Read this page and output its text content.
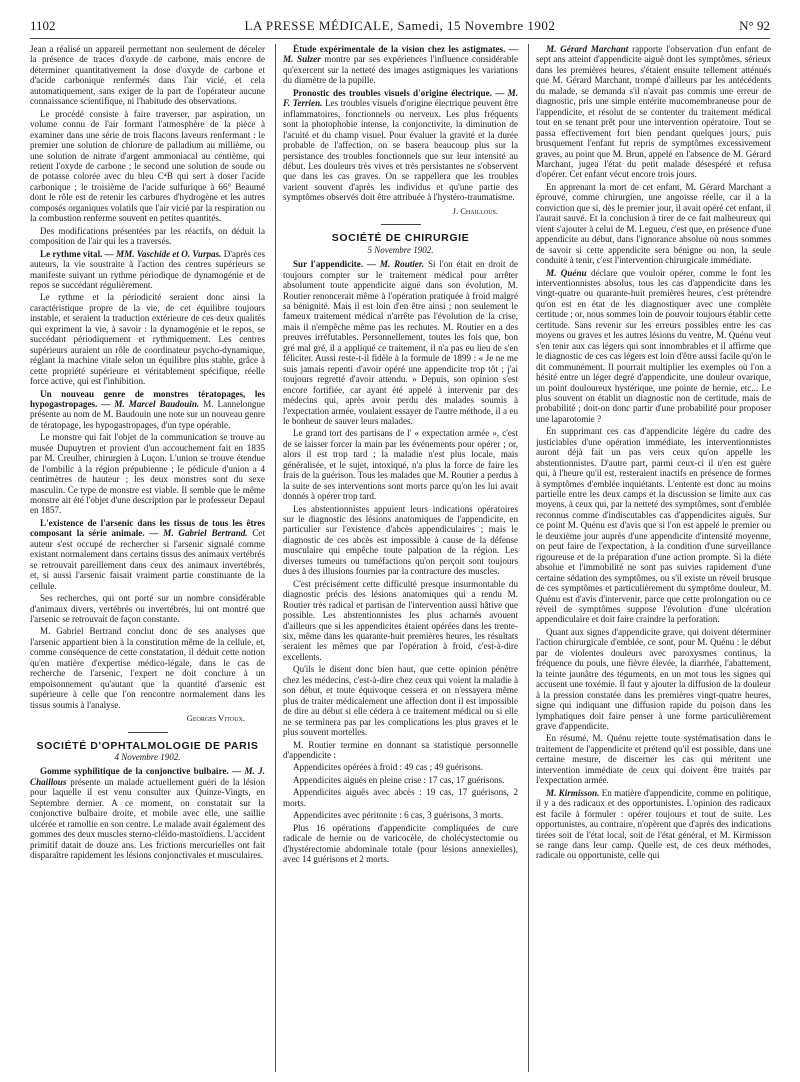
1102	LA PRESSE MÉDICALE, Samedi, 15 Novembre 1902	N° 92

Jean a réalisé un appareil permettant non seulement de déceler la présence de traces d'oxyde de carbone, mais encore de déterminer quantitativement la dose d'oxyde de carbone et d'acide carbonique renfermés dans l'air vicié, et cela automatiquement, sans exiger de la part de l'opérateur aucune connaissance scientifique, ni l'habitude des observations.

Le procédé consiste à faire traverser, par aspiration, un volume connu de l'air formant l'atmosphère de la pièce à examiner dans une série de trois flacons laveurs renfermant : le premier une solution de chlorure de palladium au millième, ou une solution de nitrate d'argent ammoniacal au centième, qui retient l'oxyde de carbone ; le second une solution de soude ou de potasse colorée avec du bleu C⁴B qui sert à doser l'acide carbonique ; le troisième de l'acide sulfurique à 66° Beaumé dont le rôle est de retenir les carbures d'hydrogène et les autres composés organiques volatils que l'air vicié par la respiration ou la combustion renferme souvent en petites quantités.

Des modifications présentées par les réactifs, on déduit la composition de l'air qui les a traversés.

Le rythme vital. — MM. Vaschide et O. Vurpas. D'après ces auteurs, la vie soustraite à l'action des centres supérieurs se manifeste suivant un rythme périodique de dynamogénie et de repos se succédant régulièrement.

Le rythme et la périodicité seraient donc ainsi la caractéristique propre de la vie, de cet équilibre toujours instable, et seraient la traduction extérieure de ces deux qualités qui expriment la vie, à savoir : la dynamogénie et le repos, se succédant périodiquement et rythmiquement. Les centres supérieurs auraient un rôle de coordinateur psycho-dynamique, réglant la machine vitale selon un équilibre plus stable, grâce à cette propriété supérieure et véritablement spécifique, réelle force active, qui est l'inhibition.

Un nouveau genre de monstres tératopages, les hypogastropages. — M. Marcel Baudouin. M. Lannelongue présente au nom de M. Baudouin une note sur un nouveau genre de tératopage, les hypogastropages, d'un type opérable.

Le monstre qui fait l'objet de la communication se trouve au musée Dupuytren et provient d'un accouchement fait en 1835 par M. Creulher, chirurgien à Luçon. L'union se trouve étendue de l'ombilic à la région prépubienne ; le pédicule d'union a 4 centimètres de hauteur ; les deux monstres sont du sexe masculin. Ce type de monstre est viable. Il semble que le même monstre ait été l'objet d'une description par le professeur Depaul en 1857.

L'existence de l'arsenic dans les tissus de tous les êtres composant la série animale. — M. Gabriel Bertrand. Cet auteur s'est occupé de rechercher si l'arsenic signalé comme existant normalement dans certains tissus des animaux vertébrés se retrouvait pareillement dans ceux des animaux invertébrés, et, si aussi l'arsenic faisait vraiment partie constituante de la cellule.

Ses recherches, qui ont porté sur un nombre considérable d'animaux divers, vertébrés ou invertébrés, lui ont montré que l'arsenic se retrouvait de façon constante.

M. Gabriel Bertrand conclut donc de ses analyses que l'arsenic appartient bien à la constitution même de la cellule, et, comme conséquence de cette constatation, il déduit cette notion qu'en matière d'expertise médico-légale, dans le cas de recherche de l'arsenic, l'expert ne doit conclure à un empoisonnement qu'autant que la quantité d'arsenic est supérieure à celle que l'on rencontre normalement dans les tissus soumis à l'analyse.

Georges Vitoux.
SOCIÉTÉ D'OPHTALMOLOGIE DE PARIS
4 Novembre 1902.

Gomme syphilitique de la conjonctive bulbaire. — M. J. Chaillous présente un malade actuellement guéri de la lésion pour laquelle il est venu consulter aux Quinze-Vingts, en Septembre dernier. A ce moment, on constatait sur la conjonctive bulbaire droite, et mobile avec elle, une saillie ulcérée et ramollie en son centre. Le malade avait également des gommes des deux muscles sterno-cléïdo-mastoïdiens. L'accident primitif datait de douze ans. Les frictions mercurielles ont fait disparaître rapidement les lésions conjonctivales et musculaires.

Étude expérimentale de la vision chez les astigmates. — M. Sulzer montre par ses expériences l'influence considérable qu'exercent sur la netteté des images astigmiques les variations du diamètre de la pupille.

Pronostic des troubles visuels d'origine électrique. — M. F. Terrien. Les troubles visuels d'origine électrique peuvent être inflammatoires, fonctionnels ou nerveux. Les plus fréquents sont la photophobie intense, la conjonctivite, la diminution de l'acuité et du champ visuel. Pour évaluer la gravité et la durée probable de l'affection, on se basera beaucoup plus sur la persistance des troubles fonctionnels que sur leur intensité au début. Les douleurs très vives et très persistantes ne s'observent que dans les cas graves. On se rappellera que les troubles varient souvent d'après les individus et qu'une partie des symptômes observés doit être attribuée à l'hystéro-traumatisme.

J. Chaillous.
SOCIÉTÉ DE CHIRURGIE
5 Novembre 1902.

Sur l'appendicite. — M. Routier. Si l'on était en droit de toujours compter sur le traitement médical pour arrêter absolument toute appendicite aiguë dans son évolution, M. Routier renoncerait même à l'opération pratiquée à froid malgré sa bénignité. Mais il est loin d'en être ainsi ; non seulement le fameux traitement médical n'arrête pas l'évolution de la crise, mais il n'empêche même pas les rechutes. M. Routier en a des preuves irréfutables. Personnellement, toutes les fois que, bon gré mal gré, il a appliqué ce traitement, il n'a pas eu lieu de s'en féliciter. Aussi reste-t-il fidèle à la formule de 1899 : « Je ne me suis jamais repenti d'avoir opéré une appendicite trop tôt ; j'ai toujours regretté d'avoir attendu. » Depuis, son opinion s'est encore fortifiée, car ayant été appelé à intervenir par des médecins qui, après avoir perdu des malades soumis à l'expectation armée, voulaient essayer de l'autre méthode, il a eu le bonheur de sauver leurs malades.

Le grand tort des partisans de l' « expectation armée », c'est de se laisser forcer la main par les événements pour opérer ; or, alors il est trop tard ; la maladie n'est plus locale, mais généralisée, et le sujet, intoxiqué, n'a plus la force de faire les frais de la guérison. Tous les malades que M. Routier a perdus à la suite de ses interventions sont morts parce qu'on les lui avait donnés à opérer trop tard.

Les abstentionnistes appuient leurs indications opératoires sur le diagnostic des lésions anatomiques de l'appendicite, en particulier sur l'existence d'abcès appendiculaires ; mais le diagnostic de ces abcès est impossible à cause de la défense musculaire qui empêche toute palpation de la région. Les diverses tumeurs ou tuméfactions qu'on perçoit sont toujours dues à des illusions fournies par la contracture des muscles.

C'est précisément cette difficulté presque insurmontable du diagnostic précis des lésions anatomiques qui a rendu M. Routier très radical et partisan de l'intervention aussi hâtive que possible. Les abstentionnistes les plus acharnés avouent d'ailleurs que si les appendicites étaient opérées dans les trente-six, même dans les quarante-huit premières heures, les résultats seraient les mêmes que par l'opération à froid, c'est-à-dire excellents.

Qu'ils le disent donc bien haut, que cette opinion pénètre chez les médecins, c'est-à-dire chez ceux qui voient la maladie à son début, et toute équivoque cessera et on n'essayera même plus de traiter médicalement une affection dont il est impossible de dire au début si elle cédera à ce traitement médical ou si elle ne se terminera pas par les complications les plus graves et le plus souvent mortelles.

M. Routier termine en donnant sa statistique personnelle d'appendicite :

Appendicites opérées à froid : 49 cas ; 49 guérisons.

Appendicites aiguës en pleine crise : 17 cas, 17 guérisons.

Appendicites aiguës avec abcès : 19 cas, 17 guérisons, 2 morts.

Appendicites avec péritonite : 6 cas, 3 guérisons, 3 morts.

Plus 16 opérations d'appendicite compliquées de cure radicale de hernie ou de varicocèle, de cholécystectomie ou d'hystérectomie abdominale totale (pour lésions annexielles), avec 14 guérisons et 2 morts.

M. Gérard Marchant rapporte l'observation d'un enfant de sept ans atteint d'appendicite aiguë dont les symptômes, sérieux dans les premières heures, s'étaient ensuite tellement atténués que M. Gérard Marchant, trompé d'ailleurs par les antécédents du malade, se demanda s'il n'avait pas commis une erreur de diagnostic, pris une simple entérite mucomembraneuse pour de l'appendicite, et résolut de se contenter du traitement médical tout en se tenant prêt pour une intervention opératoire. Tout se passa effectivement fort bien pendant quelques jours, puis brusquement l'enfant fut repris de symptômes excessivement graves, au point que M. Brun, appelé en l'absence de M. Gérard Marchant, jugea l'état du petit malade désespéré et refusa d'opérer. Cet enfant vécut encore trois jours.

En apprenant la mort de cet enfant, M. Gérard Marchant a éprouvé, comme chirurgien, une angoisse réelle, car il a la conviction que si, dès le premier jour, il avait opéré cet enfant, il l'aurait sauvé. Et la conclusion à tirer de ce fait malheureux qui vient s'ajouter à celui de M. Legueu, c'est que, en présence d'une appendicite au début, dans l'ignorance absolue où nous sommes de savoir si cette appendicite sera bénigne ou non, la seule conduite à tenir, c'est l'intervention chirurgicale immédiate.

M. Quénu déclare que vouloir opérer, comme le font les interventionnistes absolus, tous les cas d'appendicite dans les vingt-quatre ou quarante-huit premières heures, c'est prétendre qu'on est en état de les diagnostiquer avec une complète certitude ; or, nous sommes loin de pouvoir toujours établir cette certitude. Sans revenir sur les erreurs possibles entre les cas moyens ou graves et les autres lésions du ventre, M. Quénu veut s'en tenir aux cas légers qui sont innombrables et il affirme que le diagnostic de ces cas légers est loin d'être aussi facile qu'on le dit communément. Il pourrait multiplier les exemples où l'on a hésité entre un léger degré d'appendicite, une douleur ovarique, un point douloureux hystérique, une pointe de hernie, etc... Le plus souvent on établit un diagnostic non de certitude, mais de probabilité ; doit-on donc partir d'une probabilité pour proposer une laparotomie ?

En supprimant ces cas d'appendicite légère du cadre des justiciables d'une opération immédiate, les interventionnistes auront déjà fait un pas vers ceux qu'on appelle les abstentionnistes. D'autre part, parmi ceux-ci il n'en est guère qui, à l'heure qu'il est, resteraient inactifs en présence de formes à symptômes d'emblée inquiétants. L'entente est donc au moins partielle entre les deux camps et la discussion se limite aux cas moyens, à ceux qui, par la netteté des symptômes, sont d'emblée reconnus comme d'indiscutables cas d'appendicites aiguës. Sur ce point M. Quénu est d'avis que si l'on est appelé le premier ou le deuxième jour auprès d'une appendicite d'intensité moyenne, on peut faire de l'expectation, à la condition d'une surveillance rigoureuse et de la préparation d'une action prompte. Si la diète absolue et l'immobilité ne sont pas suivies rapidement d'une certaine sédation des symptômes, ou s'il existe un réveil brusque de ces symptômes et particulièrement du symptôme douleur, M. Quénu est d'avis d'intervenir, parce que cette prolongation ou ce réveil de symptômes suppose l'évolution d'une ulcération appendiculaire et doit faire craindre la perforation.

Quant aux signes d'appendicite grave, qui doivent déterminer l'action chirurgicale d'emblée, ce sont, pour M. Quénu : le début par de violentes douleurs avec paroxysmes continus, la fréquence du pouls, une fièvre élevée, la diarrhée, l'abattement, la teinte jaunâtre des téguments, en un mot tous les signes qui accusent une toxémie. Il faut y ajouter la diffusion de la douleur à la pression constatée dans les premières vingt-quatre heures, signe qui indiquant une diffusion rapide du poison dans les lymphatiques doit faire penser à une forme particulièrement grave d'appendicite.

En résumé, M. Quénu rejette toute systématisation dans le traitement de l'appendicite et prétend qu'il est possible, dans une certaine mesure, de discerner les cas qui méritent une intervention immédiate de ceux qui doivent être traités par l'expectation armée.

M. Kirmisson. En matière d'appendicite, comme en politique, il y a des radicaux et des opportunistes. L'opinion des radicaux est facile à formuler : opérer toujours et tout de suite. Les opportunistes, au contraire, n'opèrent que d'après des indications tirées soit de l'état local, soit de l'état général, et M. Kirmisson se range dans leur camp. Quelle est, de ces deux méthodes, radicale ou opportuniste, celle qui
